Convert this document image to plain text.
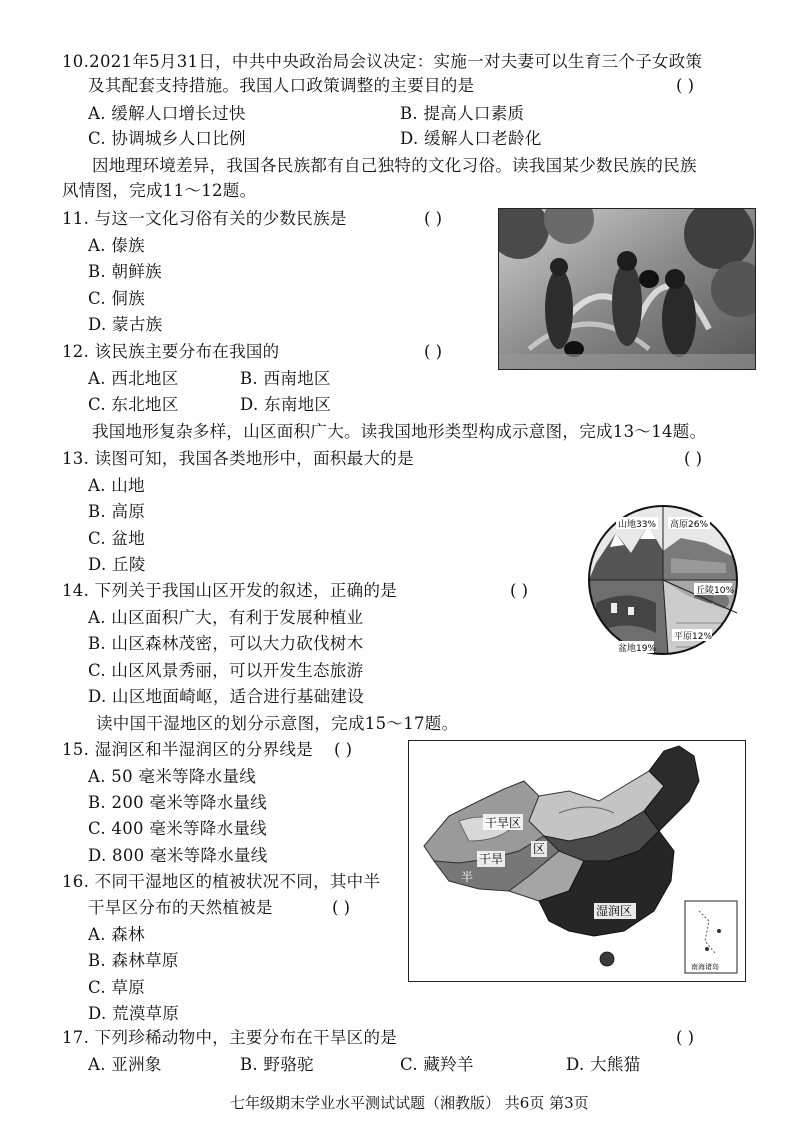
10.2021年5月31日，中共中央政治局会议决定：实施一对夫妻可以生育三个子女政策
及其配套支持措施。我国人口政策调整的主要目的是	( )
A. 缓解人口增长过快	B. 提高人口素质
C. 协调城乡人口比例	D. 缓解人口老龄化
因地理环境差异，我国各民族都有自己独特的文化习俗。读我国某少数民族的民族
风情图，完成11～12题。
11. 与这一文化习俗有关的少数民族是	( )
A. 傣族
B. 朝鲜族
C. 侗族
D. 蒙古族
12. 该民族主要分布在我国的	( )
A. 西北地区	B. 西南地区
C. 东北地区	D. 东南地区
我国地形复杂多样，山区面积广大。读我国地形类型构成示意图，完成13～14题。
13. 读图可知，我国各类地形中，面积最大的是	( )
A. 山地
B. 高原
C. 盆地
D. 丘陵
山地33% 高原26%
丘陵10%
盆地19%
平原12%
14. 下列关于我国山区开发的叙述，正确的是	( )
A. 山区面积广大，有利于发展种植业
B. 山区森林茂密，可以大力砍伐树木
C. 山区风景秀丽，可以开发生态旅游
D. 山区地面崎岖，适合进行基础建设
读中国干湿地区的划分示意图，完成15～17题。
15. 湿润区和半湿润区的分界线是 ( )
A. 50 毫米等降水量线
B. 200 毫米等降水量线
C. 400 毫米等降水量线
D. 800 毫米等降水量线
干旱区
半
干旱
区
湿润区
南海诸岛
16. 不同干湿地区的植被状况不同，其中半
干旱区分布的天然植被是	( )
A. 森林
B. 森林草原
C. 草原
D. 荒漠草原
17. 下列珍稀动物中，主要分布在干旱区的是	( )
A. 亚洲象	B. 野骆驼	C. 藏羚羊	D. 大熊猫
七年级期末学业水平测试试题（湘教版） 共6页 第3页
